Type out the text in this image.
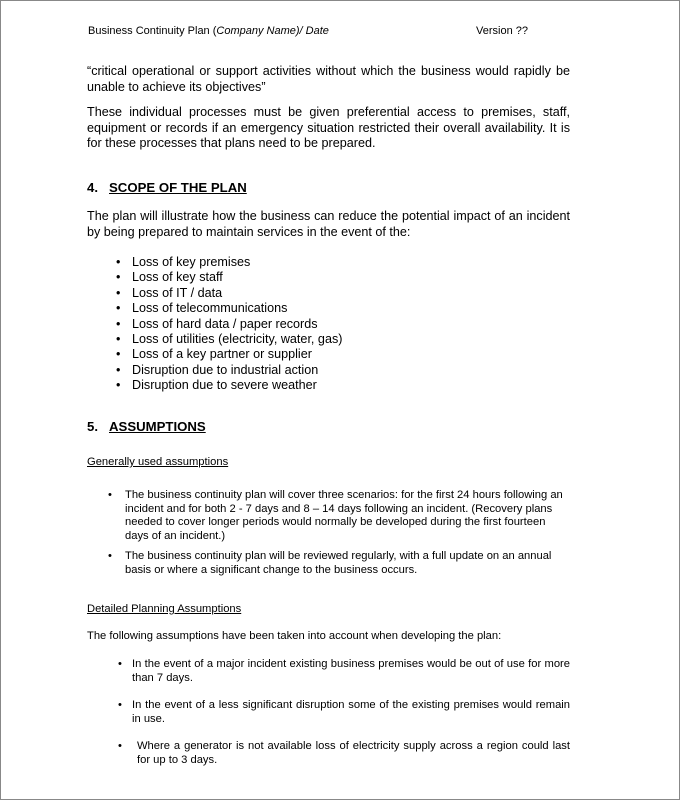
Business Continuity Plan (Company Name)/ Date	Version ??
“critical operational or support activities without which the business would rapidly be unable to achieve its objectives”
These individual processes must be given preferential access to premises, staff, equipment or records if an emergency situation restricted their overall availability. It is for these processes that plans need to be prepared.
4. SCOPE OF THE PLAN
The plan will illustrate how the business can reduce the potential impact of an incident by being prepared to maintain services in the event of the:
• Loss of key premises
• Loss of key staff
• Loss of IT / data
• Loss of telecommunications
• Loss of hard data / paper records
• Loss of utilities (electricity, water, gas)
• Loss of a key partner or supplier
• Disruption due to industrial action
• Disruption due to severe weather
5. ASSUMPTIONS
Generally used assumptions
• The business continuity plan will cover three scenarios: for the first 24 hours following an incident and for both 2 - 7 days and 8 – 14 days following an incident. (Recovery plans needed to cover longer periods would normally be developed during the first fourteen days of an incident.)
• The business continuity plan will be reviewed regularly, with a full update on an annual basis or where a significant change to the business occurs.
Detailed Planning Assumptions
The following assumptions have been taken into account when developing the plan:
• In the event of a major incident existing business premises would be out of use for more than 7 days.
• In the event of a less significant disruption some of the existing premises would remain in use.
• Where a generator is not available loss of electricity supply across a region could last for up to 3 days.
